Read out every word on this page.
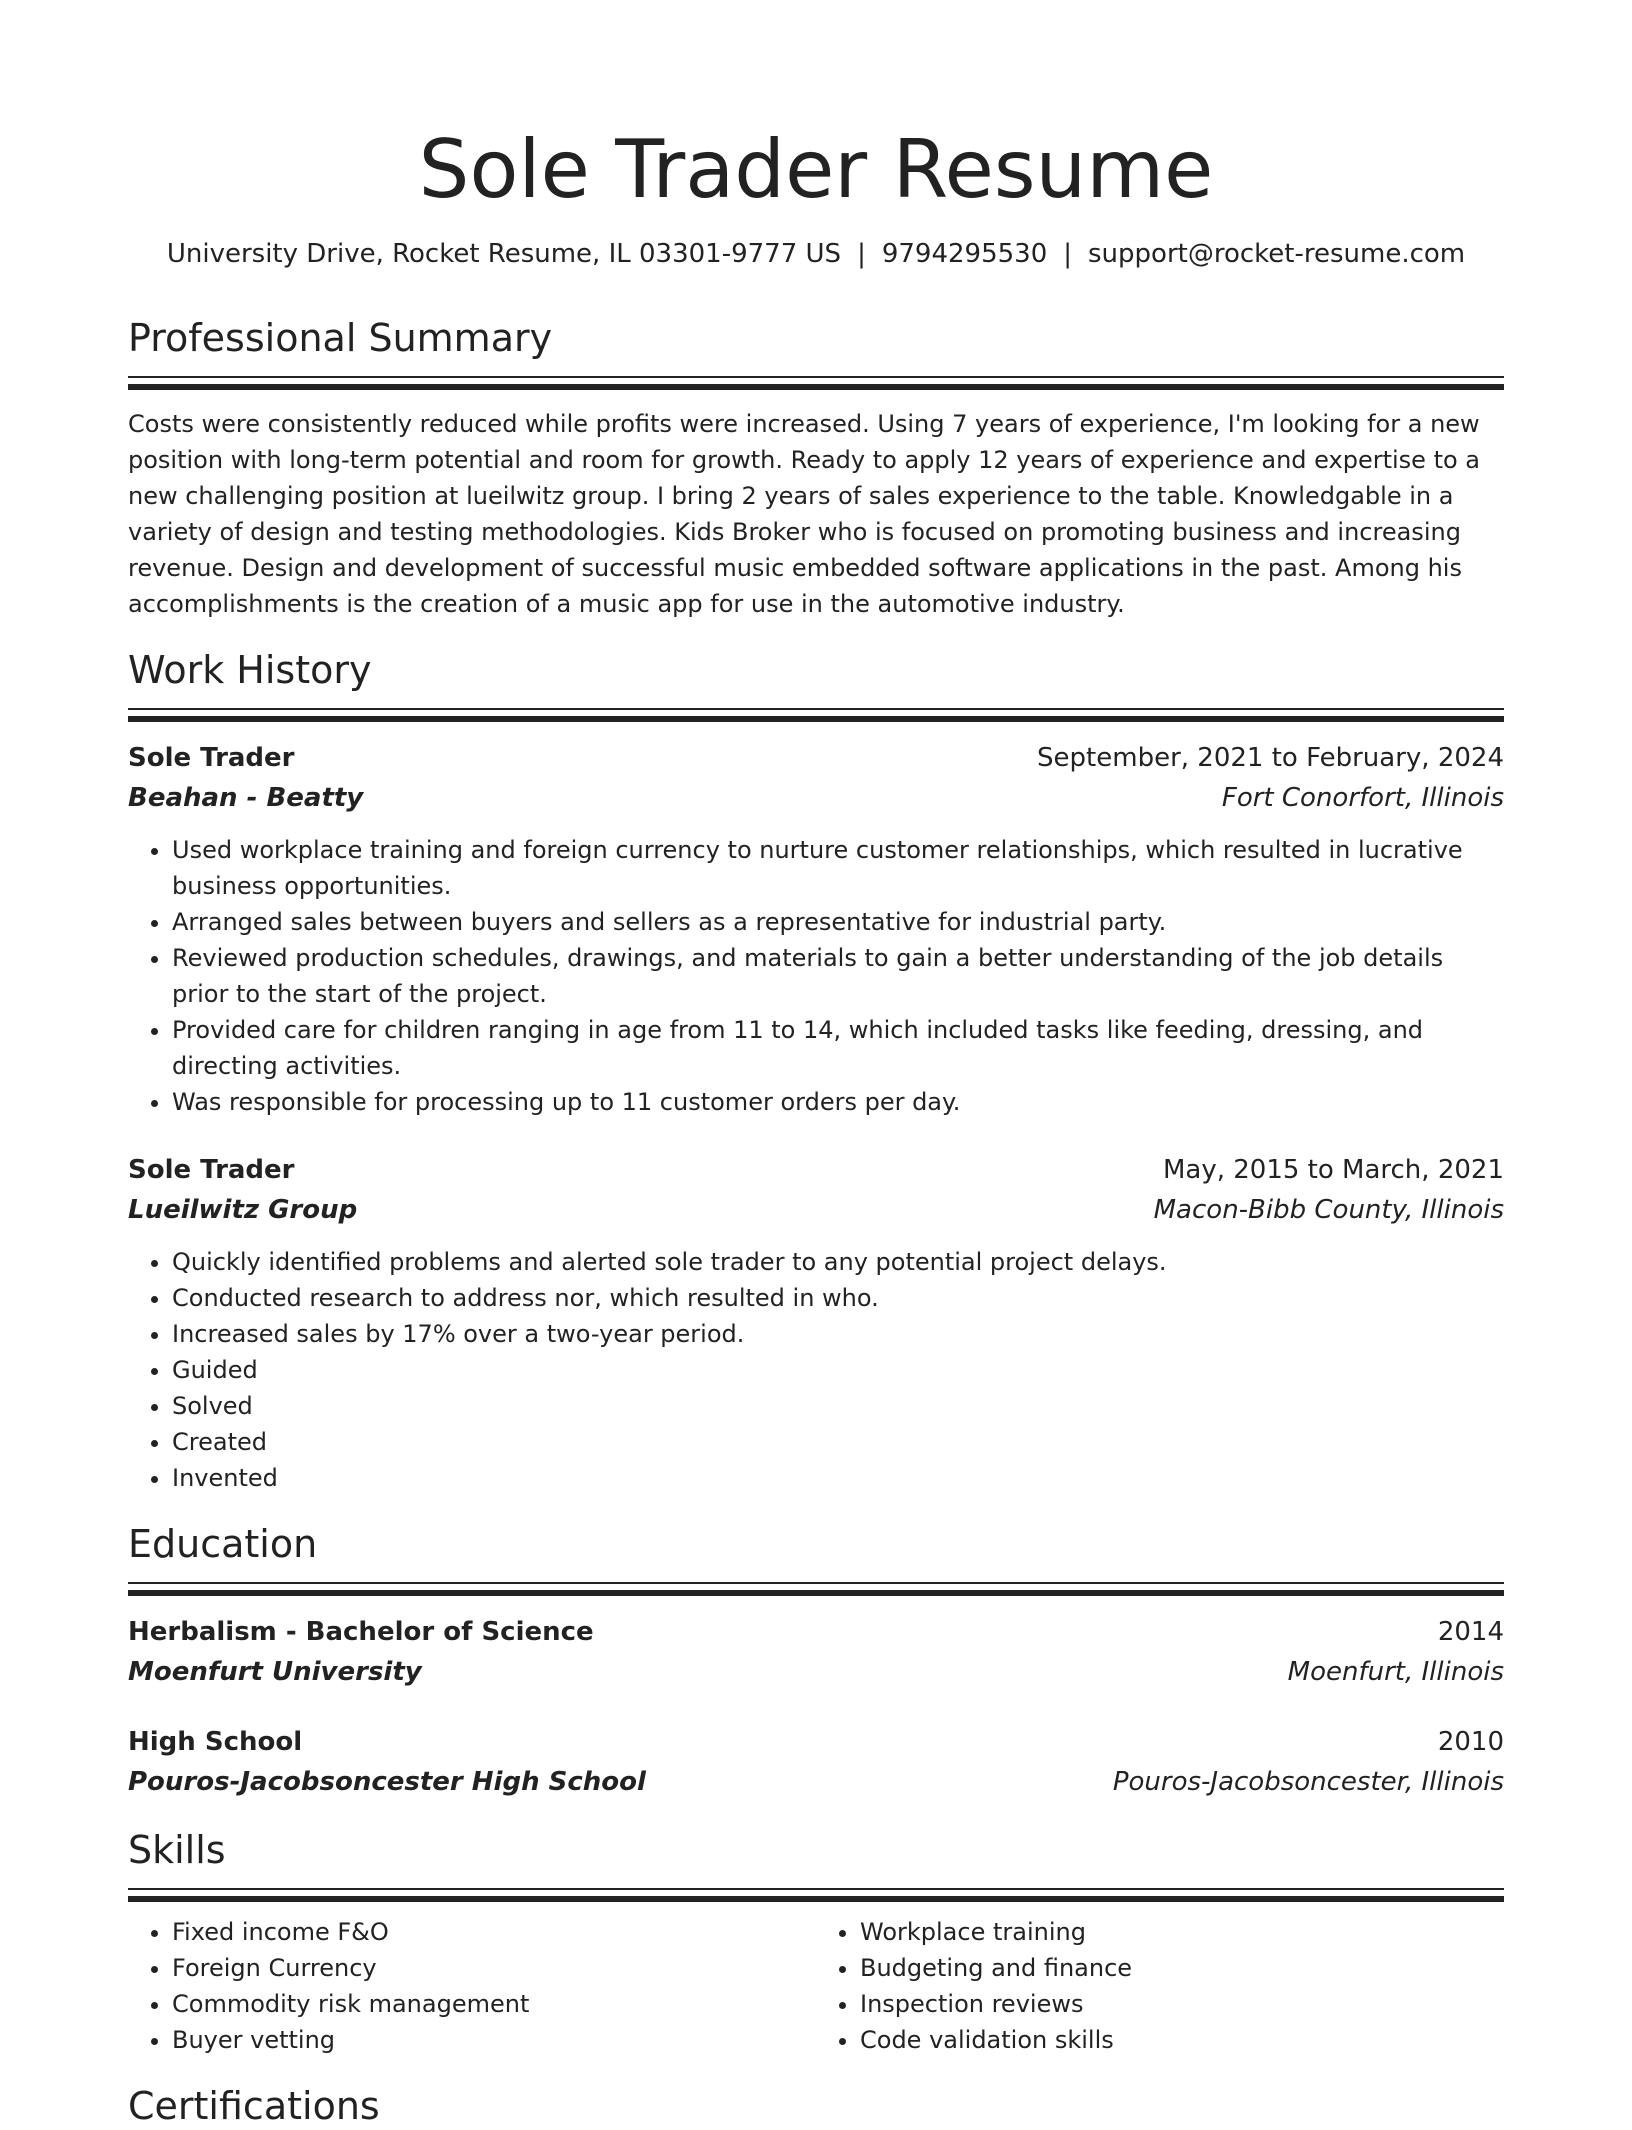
Sole Trader Resume
University Drive, Rocket Resume, IL 03301-9777 US | 9794295530 | support@rocket-resume.com
Professional Summary

Costs were consistently reduced while profits were increased. Using 7 years of experience, I'm looking for a new position with long-term potential and room for growth. Ready to apply 12 years of experience and expertise to a new challenging position at lueilwitz group. I bring 2 years of sales experience to the table. Knowledgable in a variety of design and testing methodologies. Kids Broker who is focused on promoting business and increasing revenue. Design and development of successful music embedded software applications in the past. Among his accomplishments is the creation of a music app for use in the automotive industry.

Work History
Sole Trader	September, 2021 to February, 2024
Beahan - Beatty	Fort Conorfort, Illinois
• Used workplace training and foreign currency to nurture customer relationships, which resulted in lucrative business opportunities.
• Arranged sales between buyers and sellers as a representative for industrial party.
• Reviewed production schedules, drawings, and materials to gain a better understanding of the job details prior to the start of the project.
• Provided care for children ranging in age from 11 to 14, which included tasks like feeding, dressing, and directing activities.
• Was responsible for processing up to 11 customer orders per day.
Sole Trader	May, 2015 to March, 2021
Lueilwitz Group	Macon-Bibb County, Illinois
• Quickly identified problems and alerted sole trader to any potential project delays.
• Conducted research to address nor, which resulted in who.
• Increased sales by 17% over a two-year period.
• Guided
• Solved
• Created
• Invented
Education
Herbalism - Bachelor of Science	2014
Moenfurt University	Moenfurt, Illinois
High School	2010
Pouros-Jacobsoncester High School	Pouros-Jacobsoncester, Illinois
Skills
• Fixed income F&O
• Foreign Currency
• Commodity risk management
• Buyer vetting
• Workplace training
• Budgeting and finance
• Inspection reviews
• Code validation skills
Certifications
